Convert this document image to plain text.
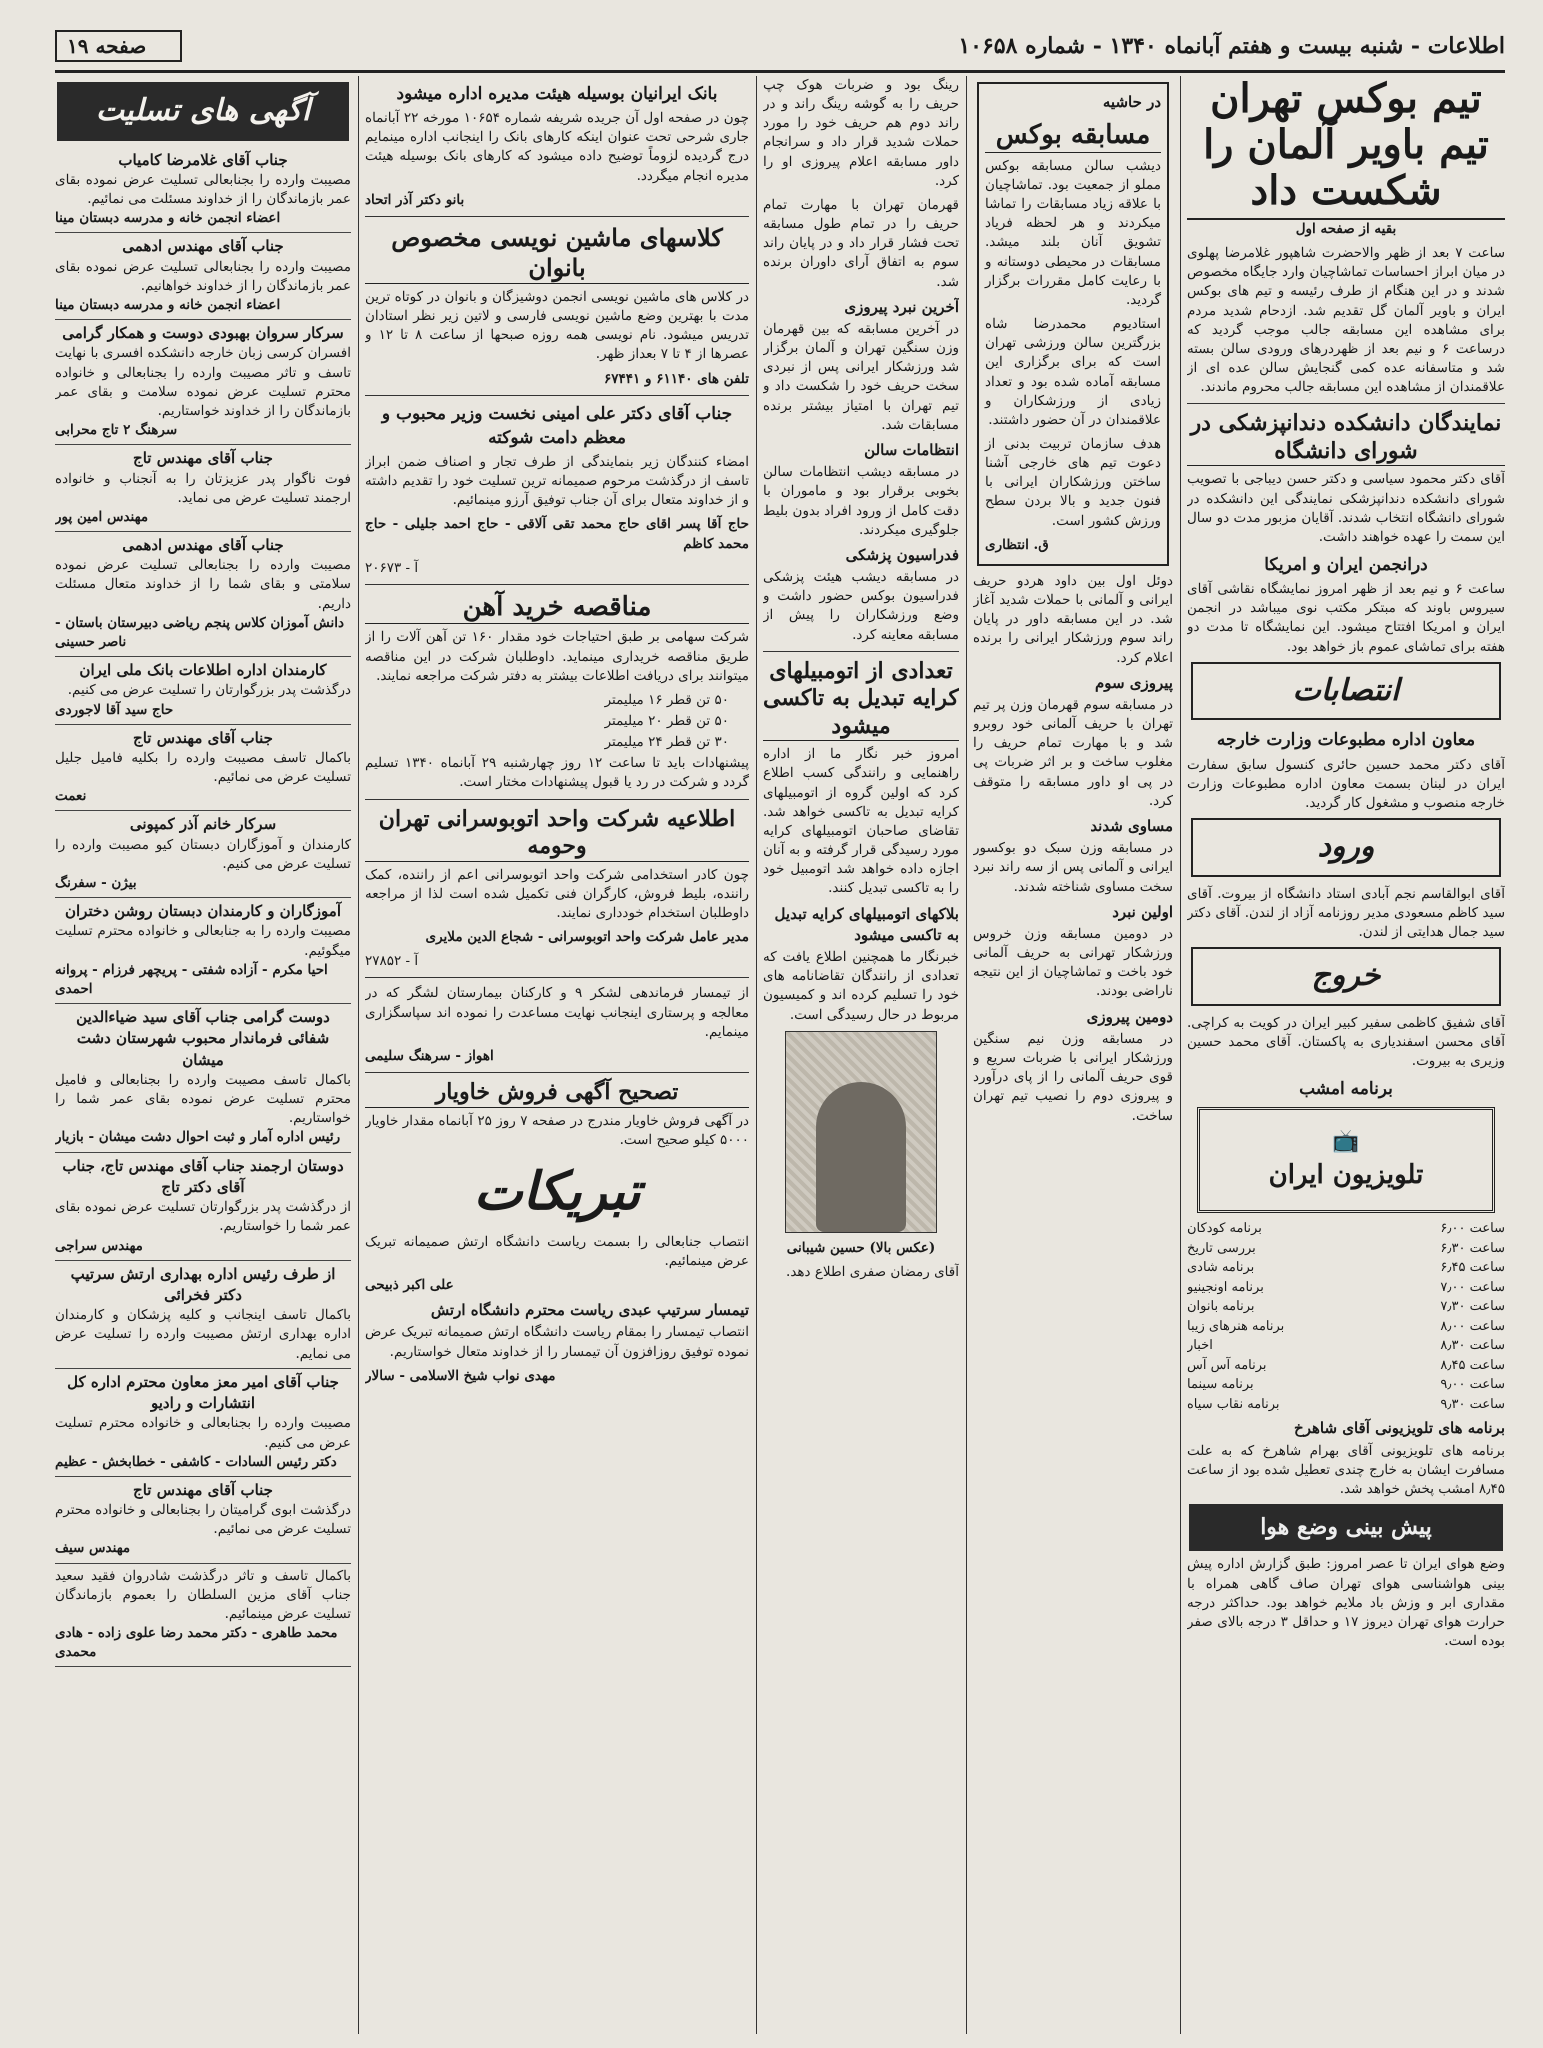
اطلاعات - شنبه بیست و هفتم آبانماه ۱۳۴۰ - شماره ۱۰۶۵۸
صفحه ۱۹
تیم بوکس تهران تیم باویر آلمان را شکست داد

بقیه از صفحه اول

ساعت ۷ بعد از ظهر والاحضرت شاهپور غلامرضا پهلوی در میان ابراز احساسات تماشاچیان وارد جایگاه مخصوص شدند و در این هنگام از طرف رئیسه و تیم های بوکس ایران و باویر آلمان گل تقدیم شد. ازدحام شدید مردم برای مشاهده این مسابقه جالب موجب گردید که درساعت ۶ و نیم بعد از ظهردرهای ورودی سالن بسته شد و متاسفانه عده کمی گنجایش سالن عده ای از علاقمندان از مشاهده این مسابقه جالب محروم ماندند.

نمایندگان دانشکده دندانپزشکی در شورای دانشگاه

آقای دکتر محمود سیاسی و دکتر حسن دیباجی با تصویب شورای دانشکده دندانپزشکی نمایندگی این دانشکده در شورای دانشگاه انتخاب شدند. آقایان مزبور مدت دو سال این سمت را عهده خواهند داشت.

درانجمن ایران و امریکا

ساعت ۶ و نیم بعد از ظهر امروز نمایشگاه نقاشی آقای سیروس باوند که مبتکر مکتب نوی میباشد در انجمن ایران و امریکا افتتاح میشود. این نمایشگاه تا مدت دو هفته برای تماشای عموم باز خواهد بود.

انتصابات
معاون اداره مطبوعات وزارت خارجه

آقای دکتر محمد حسین حائری کنسول سابق سفارت ایران در لبنان بسمت معاون اداره مطبوعات وزارت خارجه منصوب و مشغول کار گردید.

ورود

آقای ابوالقاسم نجم آبادی استاد دانشگاه از بیروت. آقای سید کاظم مسعودی مدیر روزنامه آزاد از لندن. آقای دکتر سید جمال هدایتی از لندن.

خروج

آقای شفیق کاظمی سفیر کبیر ایران در کویت به کراچی. آقای محسن اسفندیاری به پاکستان. آقای محمد حسین وزیری به بیروت.

برنامه امشب
📺
تلویزیون ایران
ساعت ۶٫۰۰
برنامه کودکان
ساعت ۶٫۳۰
بررسی تاریخ
ساعت ۶٫۴۵
برنامه شادی
ساعت ۷٫۰۰
برنامه اونجینیو
ساعت ۷٫۳۰
برنامه بانوان
ساعت ۸٫۰۰
برنامه هنرهای زیبا
ساعت ۸٫۳۰
اخبار
ساعت ۸٫۴۵
برنامه آس آس
ساعت ۹٫۰۰
برنامه سینما
ساعت ۹٫۳۰
برنامه نقاب سیاه
برنامه های تلویزیونی آقای شاهرخ

برنامه های تلویزیونی آقای بهرام شاهرخ که به علت مسافرت ایشان به خارج چندی تعطیل شده بود از ساعت ۸٫۴۵ امشب پخش خواهد شد.

پیش بینی وضع هوا

وضع هوای ایران تا عصر امروز: طبق گزارش اداره پیش بینی هواشناسی هوای تهران صاف گاهی همراه با مقداری ابر و وزش باد ملایم خواهد بود. حداکثر درجه حرارت هوای تهران دیروز ۱۷ و حداقل ۳ درجه بالای صفر بوده است.

در حاشیه
مسابقه بوکس

دیشب سالن مسابقه بوکس مملو از جمعیت بود. تماشاچیان با علاقه زیاد مسابقات را تماشا میکردند و هر لحظه فریاد تشویق آنان بلند میشد. مسابقات در محیطی دوستانه و با رعایت کامل مقررات برگزار گردید.

استادیوم محمدرضا شاه بزرگترین سالن ورزشی تهران است که برای برگزاری این مسابقه آماده شده بود و تعداد زیادی از ورزشکاران و علاقمندان در آن حضور داشتند.

هدف سازمان تربیت بدنی از دعوت تیم های خارجی آشنا ساختن ورزشکاران ایرانی با فنون جدید و بالا بردن سطح ورزش کشور است.

ق. انتظاری

دوئل اول بین داود هردو حریف ایرانی و آلمانی با حملات شدید آغاز شد. در این مسابقه داور در پایان راند سوم ورزشکار ایرانی را برنده اعلام کرد.

پیروزی سوم

در مسابقه سوم قهرمان وزن پر تیم تهران با حریف آلمانی خود روبرو شد و با مهارت تمام حریف را مغلوب ساخت و بر اثر ضربات پی در پی او داور مسابقه را متوقف کرد.

مساوی شدند

در مسابقه وزن سبک دو بوکسور ایرانی و آلمانی پس از سه راند نبرد سخت مساوی شناخته شدند.

اولین نبرد

در دومین مسابقه وزن خروس ورزشکار تهرانی به حریف آلمانی خود باخت و تماشاچیان از این نتیجه ناراضی بودند.

دومین پیروزی

در مسابقه وزن نیم سنگین ورزشکار ایرانی با ضربات سریع و قوی حریف آلمانی را از پای درآورد و پیروزی دوم را نصیب تیم تهران ساخت.

رینگ بود و ضربات هوک چپ حریف را به گوشه رینگ راند و در راند دوم هم حریف خود را مورد حملات شدید قرار داد و سرانجام داور مسابقه اعلام پیروزی او را کرد.

قهرمان تهران با مهارت تمام حریف را در تمام طول مسابقه تحت فشار قرار داد و در پایان راند سوم به اتفاق آرای داوران برنده شد.

آخرین نبرد پیروزی

در آخرین مسابقه که بین قهرمان وزن سنگین تهران و آلمان برگزار شد ورزشکار ایرانی پس از نبردی سخت حریف خود را شکست داد و تیم تهران با امتیاز بیشتر برنده مسابقات شد.

انتظامات سالن

در مسابقه دیشب انتظامات سالن بخوبی برقرار بود و ماموران با دقت کامل از ورود افراد بدون بلیط جلوگیری میکردند.

فدراسیون پزشکی

در مسابقه دیشب هیئت پزشکی فدراسیون بوکس حضور داشت و وضع ورزشکاران را پیش از مسابقه معاینه کرد.

تعدادی از اتومبیلهای کرایه تبدیل به تاکسی میشود

امروز خبر نگار ما از اداره راهنمایی و رانندگی کسب اطلاع کرد که اولین گروه از اتومبیلهای کرایه تبدیل به تاکسی خواهد شد. تقاضای صاحبان اتومبیلهای کرایه مورد رسیدگی قرار گرفته و به آنان اجازه داده خواهد شد اتومبیل خود را به تاکسی تبدیل کنند.

بلاکهای اتومبیلهای کرایه تبدیل به تاکسی میشود

خبرنگار ما همچنین اطلاع یافت که تعدادی از رانندگان تقاضانامه های خود را تسلیم کرده اند و کمیسیون مربوط در حال رسیدگی است.

(عکس بالا) حسین شیبانی

آقای رمضان صفری اطلاع دهد.

بانک ایرانیان بوسیله هیئت مدیره اداره میشود

چون در صفحه اول آن جریده شریفه شماره ۱۰۶۵۴ مورخه ۲۲ آبانماه جاری شرحی تحت عنوان اینکه کارهای بانک را اینجانب اداره مینمایم درج گردیده لزوماً توضیح داده میشود که کارهای بانک بوسیله هیئت مدیره انجام میگردد.

بانو دکتر آذر اتحاد

کلاسهای ماشین نویسی مخصوص بانوان

در کلاس های ماشین نویسی انجمن دوشیزگان و بانوان در کوتاه ترین مدت با بهترین وضع ماشین نویسی فارسی و لاتین زیر نظر استادان تدریس میشود. نام نویسی همه روزه صبحها از ساعت ۸ تا ۱۲ و عصرها از ۴ تا ۷ بعداز ظهر.

تلفن های ۶۱۱۴۰ و ۶۷۴۴۱

جناب آقای دکتر علی امینی نخست وزیر محبوب و معظم دامت شوکته

امضاء کنندگان زیر بنمایندگی از طرف تجار و اصناف ضمن ابراز تاسف از درگذشت مرحوم صمیمانه ترین تسلیت خود را تقدیم داشته و از خداوند متعال برای آن جناب توفیق آرزو مینمائیم.

حاج آقا پسر اقای حاج محمد تقی آلاقی - حاج احمد جلیلی - حاج محمد کاظم

آ - ۲۰۶۷۳

مناقصه خرید آهن

شرکت سهامی بر طبق احتیاجات خود مقدار ۱۶۰ تن آهن آلات را از طریق مناقصه خریداری مینماید. داوطلبان شرکت در این مناقصه میتوانند برای دریافت اطلاعات بیشتر به دفتر شرکت مراجعه نمایند.

۵۰ تن قطر ۱۶ میلیمتر

۵۰ تن قطر ۲۰ میلیمتر

۳۰ تن قطر ۲۴ میلیمتر

پیشنهادات باید تا ساعت ۱۲ روز چهارشنبه ۲۹ آبانماه ۱۳۴۰ تسلیم گردد و شرکت در رد یا قبول پیشنهادات مختار است.

اطلاعیه شرکت واحد اتوبوسرانی تهران وحومه

چون کادر استخدامی شرکت واحد اتوبوسرانی اعم از راننده، کمک راننده، بلیط فروش، کارگران فنی تکمیل شده است لذا از مراجعه داوطلبان استخدام خودداری نمایند.

مدیر عامل شرکت واحد اتوبوسرانی - شجاع الدین ملایری

آ - ۲۷۸۵۲

از تیمسار فرماندهی لشکر ۹ و کارکنان بیمارستان لشگر که در معالجه و پرستاری اینجانب نهایت مساعدت را نموده اند سپاسگزاری مینمایم.

اهواز - سرهنگ سلیمی

تصحیح آگهی فروش خاویار

در آگهی فروش خاویار مندرج در صفحه ۷ روز ۲۵ آبانماه مقدار خاویار ۵۰۰۰ کیلو صحیح است.

تبریکات

انتصاب جنابعالی را بسمت ریاست دانشگاه ارتش صمیمانه تبریک عرض مینمائیم.

علی اکبر ذبیحی

تیمسار سرتیپ عبدی ریاست محترم دانشگاه ارتش

انتصاب تیمسار را بمقام ریاست دانشگاه ارتش صمیمانه تبریک عرض نموده توفیق روزافزون آن تیمسار را از خداوند متعال خواستاریم.

مهدی نواب شیخ الاسلامی - سالار

آگهی های تسلیت
جناب آقای غلامرضا کامیاب
مصیبت وارده را بجنابعالی تسلیت عرض نموده بقای عمر بازماندگان را از خداوند مسئلت می نمائیم.
اعضاء انجمن خانه و مدرسه دبستان مینا
جناب آقای مهندس ادهمی
مصیبت وارده را بجنابعالی تسلیت عرض نموده بقای عمر بازماندگان را از خداوند خواهانیم.
اعضاء انجمن خانه و مدرسه دبستان مینا
سرکار سروان بهبودی دوست و همکار گرامی
افسران کرسی زبان خارجه دانشکده افسری با نهایت تاسف و تاثر مصیبت وارده را بجنابعالی و خانواده محترم تسلیت عرض نموده سلامت و بقای عمر بازماندگان را از خداوند خواستاریم.
سرهنگ ۲ تاج محرابی
جناب آقای مهندس تاج
فوت ناگوار پدر عزیزتان را به آنجناب و خانواده ارجمند تسلیت عرض می نماید.
مهندس امین پور
جناب آقای مهندس ادهمی
مصیبت وارده را بجنابعالی تسلیت عرض نموده سلامتی و بقای شما را از خداوند متعال مسئلت داریم.
دانش آموزان کلاس پنجم ریاضی دبیرستان باستان - ناصر حسینی
کارمندان اداره اطلاعات بانک ملی ایران
درگذشت پدر بزرگوارتان را تسلیت عرض می کنیم.
حاج سید آقا لاجوردی
جناب آقای مهندس تاج
باکمال تاسف مصیبت وارده را بکلیه فامیل جلیل تسلیت عرض می نمائیم.
نعمت
سرکار خانم آذر کمپونی
کارمندان و آموزگاران دبستان کیو مصیبت وارده را تسلیت عرض می کنیم.
بیژن - سفرنگ
آموزگاران و کارمندان دبستان روشن دختران
مصیبت وارده را به جنابعالی و خانواده محترم تسلیت میگوئیم.
احیا مکرم - آزاده شفتی - پریچهر فرزام - پروانه احمدی
دوست گرامی جناب آقای سید ضیاءالدین شفائی فرماندار محبوب شهرستان دشت میشان
باکمال تاسف مصیبت وارده را بجنابعالی و فامیل محترم تسلیت عرض نموده بقای عمر شما را خواستاریم.
رئیس اداره آمار و ثبت احوال دشت میشان - بازیار
دوستان ارجمند جناب آقای مهندس تاج، جناب آقای دکتر تاج
از درگذشت پدر بزرگوارتان تسلیت عرض نموده بقای عمر شما را خواستاریم.
مهندس سراجی
از طرف رئیس اداره بهداری ارتش سرتیپ دکتر فخرائی
باکمال تاسف اینجانب و کلیه پزشکان و کارمندان اداره بهداری ارتش مصیبت وارده را تسلیت عرض می نمایم.
جناب آقای امیر معز معاون محترم اداره کل انتشارات و رادیو
مصیبت وارده را بجنابعالی و خانواده محترم تسلیت عرض می کنیم.
دکتر رئیس السادات - کاشفی - خطابخش - عظیم
جناب آقای مهندس تاج
درگذشت ابوی گرامیتان را بجنابعالی و خانواده محترم تسلیت عرض می نمائیم.
مهندس سیف
باکمال تاسف و تاثر درگذشت شادروان فقید سعید جناب آقای مزین السلطان را بعموم بازماندگان تسلیت عرض مینمائیم.
محمد طاهری - دکتر محمد رضا علوی زاده - هادی محمدی
